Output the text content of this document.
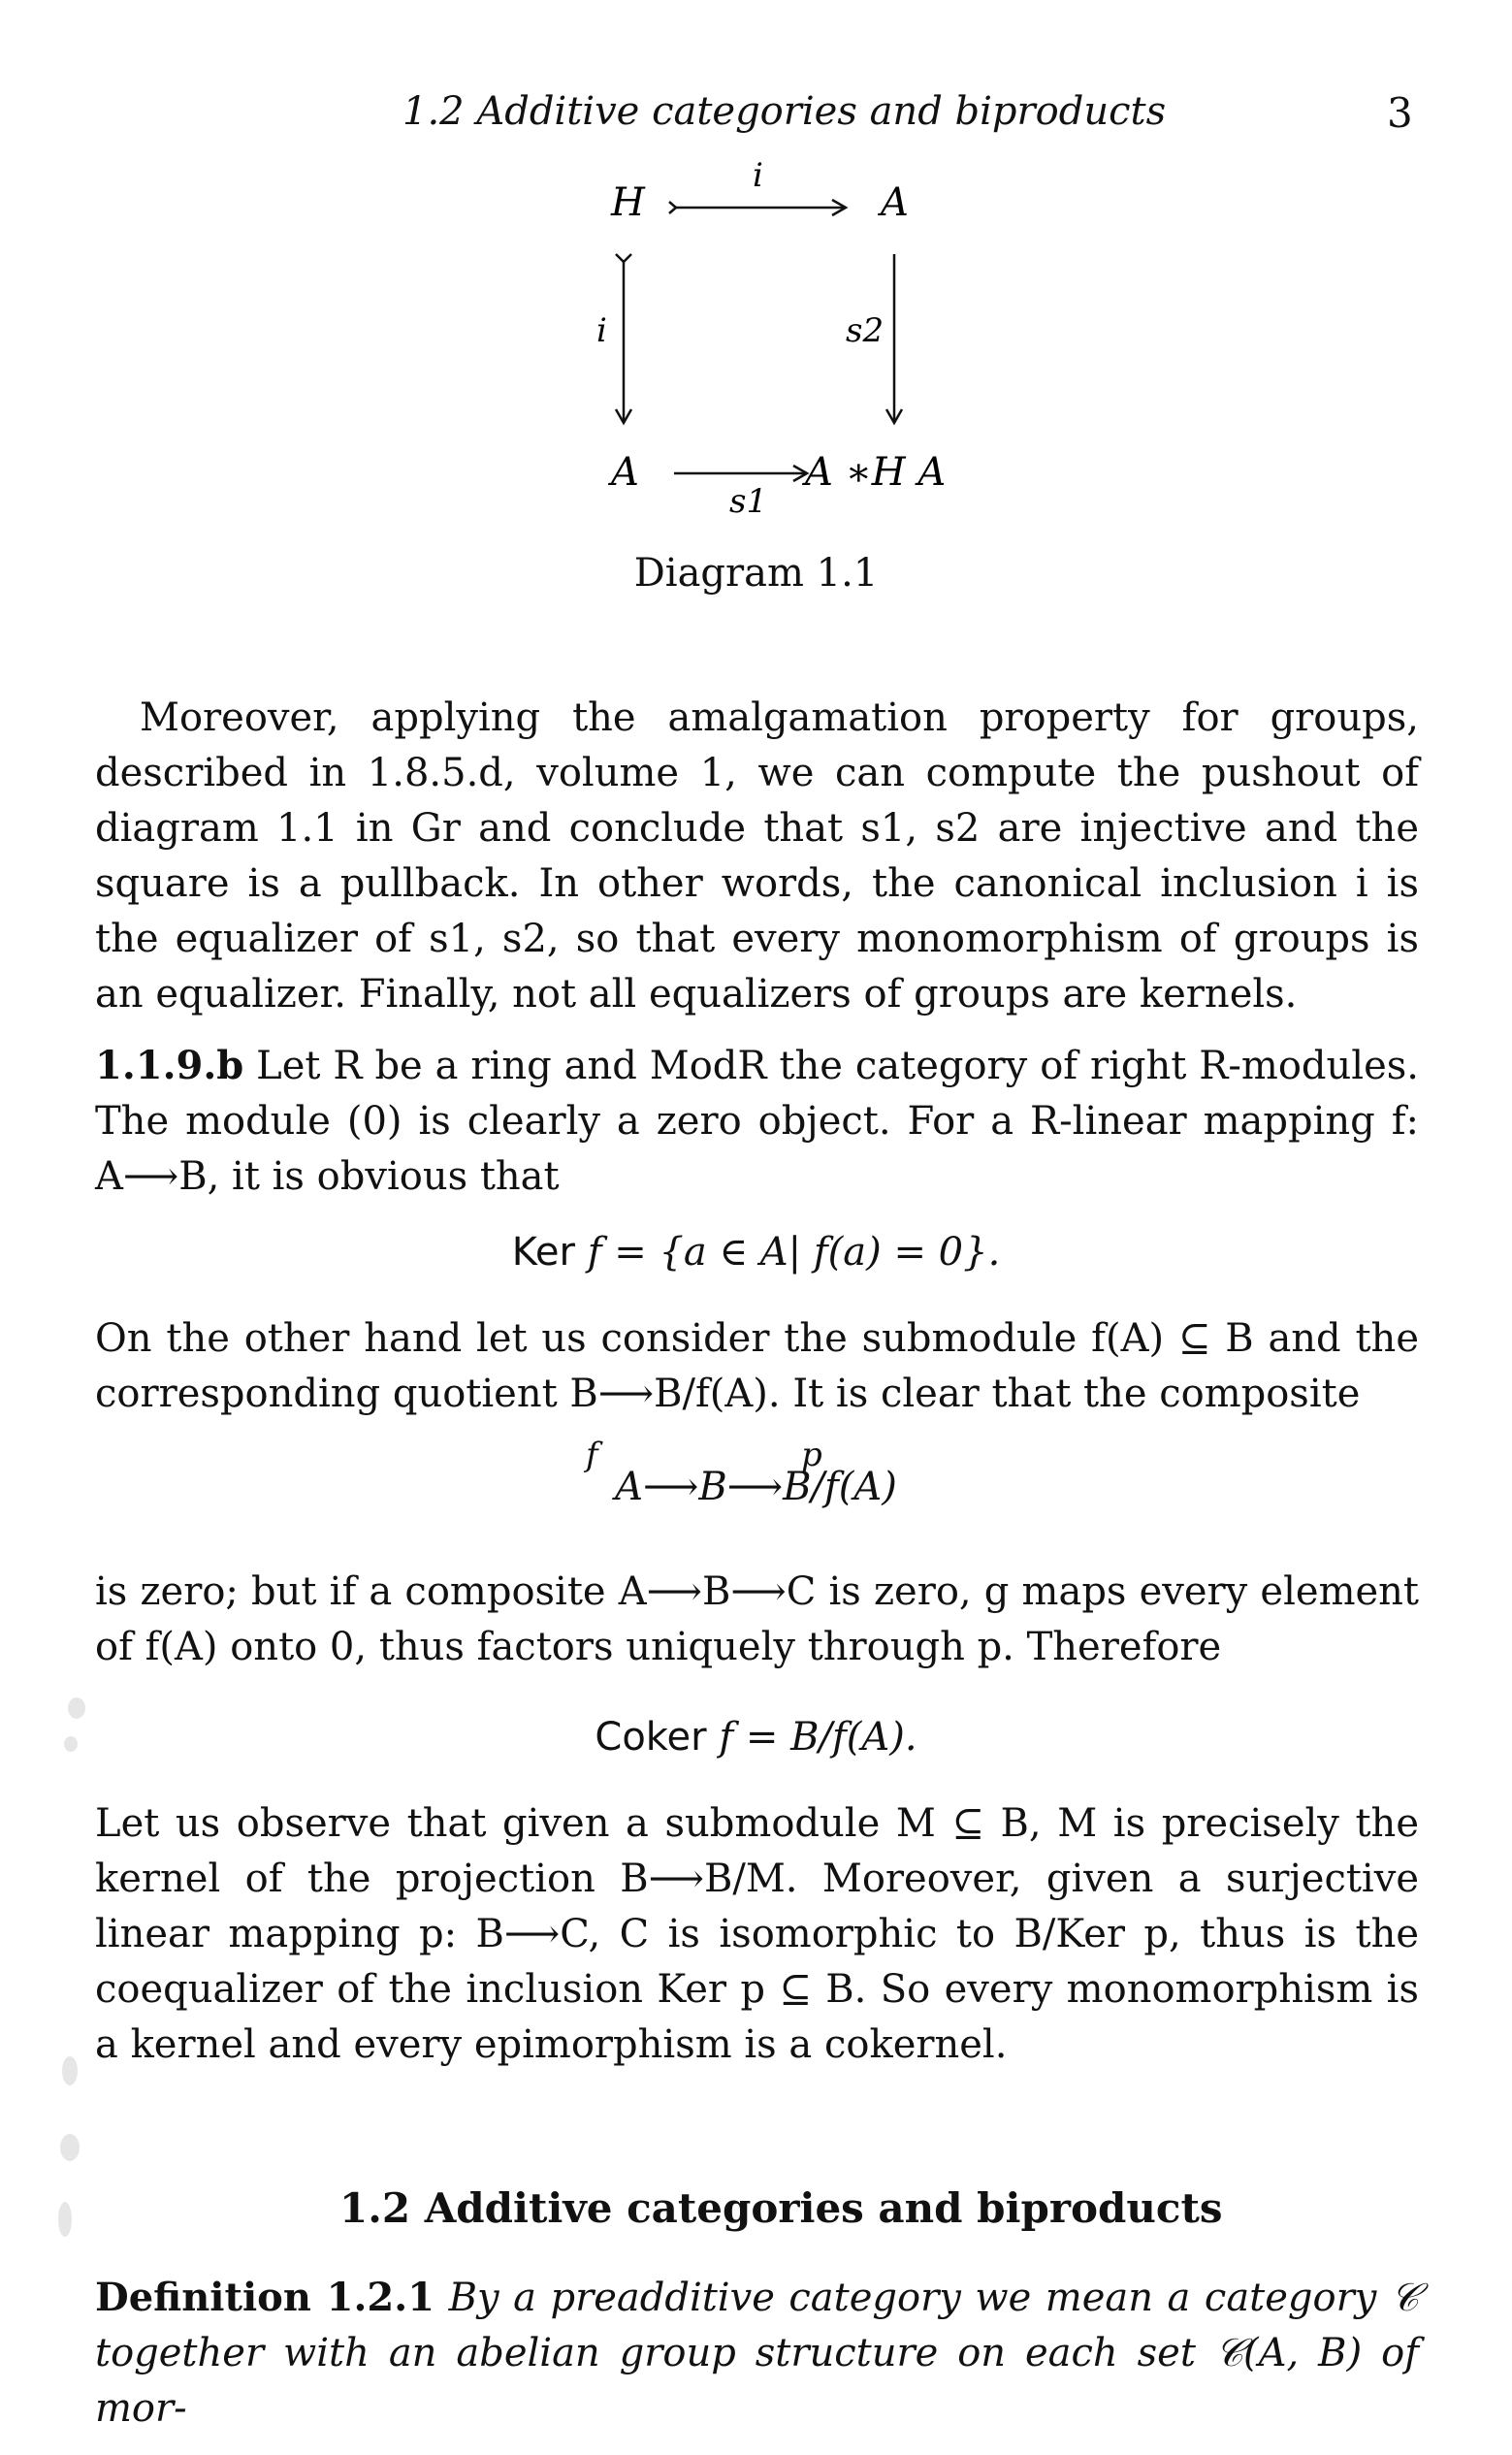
1.2 Additive categories and biproducts	3
H	A
A	A ∗H A
i
i	s2
s1
Diagram 1.1
Moreover, applying the amalgamation property for groups, described in 1.8.5.d, volume 1, we can compute the pushout of diagram 1.1 in Gr and conclude that s1, s2 are injective and the square is a pullback. In other words, the canonical inclusion i is the equalizer of s1, s2, so that every monomorphism of groups is an equalizer. Finally, not all equalizers of groups are kernels.
1.1.9.b Let R be a ring and ModR the category of right R-modules. The module (0) is clearly a zero object. For a R-linear mapping f: A⟶B, it is obvious that
Ker f = {a ∈ A| f(a) = 0}.
On the other hand let us consider the submodule f(A) ⊆ B and the corresponding quotient B⟶B/f(A). It is clear that the composite
f	p
A⟶B⟶B/f(A)
is zero; but if a composite A⟶B⟶C is zero, g maps every element of f(A) onto 0, thus factors uniquely through p. Therefore
Coker f = B/f(A).
Let us observe that given a submodule M ⊆ B, M is precisely the kernel of the projection B⟶B/M. Moreover, given a surjective linear mapping p: B⟶C, C is isomorphic to B/Ker p, thus is the coequalizer of the inclusion Ker p ⊆ B. So every monomorphism is a kernel and every epimorphism is a cokernel.
1.2 Additive categories and biproducts
Definition 1.2.1 By a preadditive category we mean a category 𝒞 together with an abelian group structure on each set 𝒞(A, B) of mor-
